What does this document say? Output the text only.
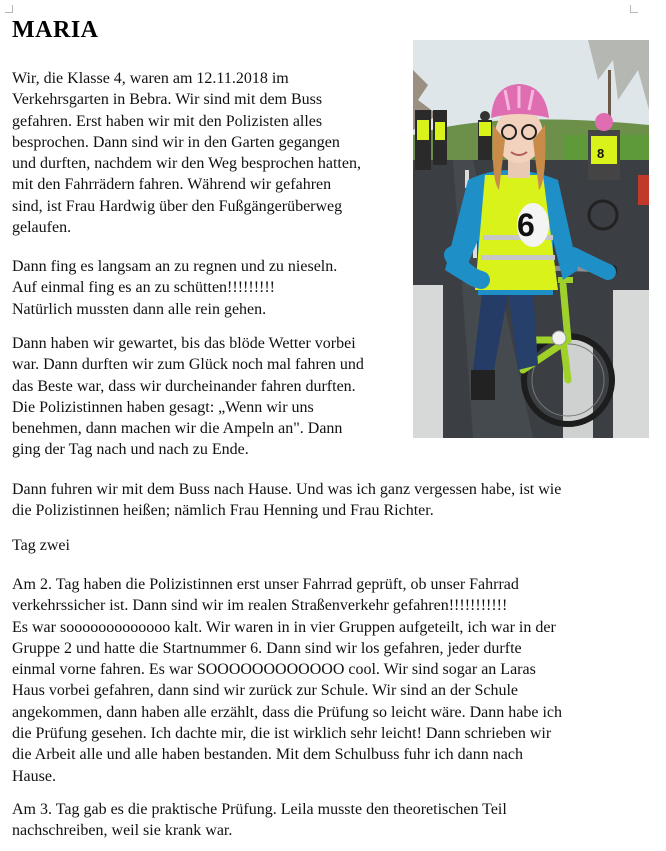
MARIA

Wir, die Klasse 4, waren am 12.11.2018 im
Verkehrsgarten in Bebra. Wir sind mit dem Buss
gefahren. Erst haben wir mit den Polizisten alles
besprochen. Dann sind wir in den Garten gegangen
und durften, nachdem wir den Weg besprochen hatten,
mit den Fahrrädern fahren. Während wir gefahren
sind, ist Frau Hardwig über den Fußgängerüberweg
gelaufen.

Dann fing es langsam an zu regnen und zu nieseln.
Auf einmal fing es an zu schütten!!!!!!!!!
Natürlich mussten dann alle rein gehen.

Dann haben wir gewartet, bis das blöde Wetter vorbei
war. Dann durften wir zum Glück noch mal fahren und
das Beste war, dass wir durcheinander fahren durften.
Die Polizistinnen haben gesagt: „Wenn wir uns
benehmen, dann machen wir die Ampeln an". Dann
ging der Tag nach und nach zu Ende.

Dann fuhren wir mit dem Buss nach Hause. Und was ich ganz vergessen habe, ist wie
die Polizistinnen heißen; nämlich Frau Henning und Frau Richter.

Tag zwei

Am 2. Tag haben die Polizistinnen erst unser Fahrrad geprüft, ob unser Fahrrad
verkehrssicher ist. Dann sind wir im realen Straßenverkehr gefahren!!!!!!!!!!!
Es war sooooooooooooo kalt. Wir waren in in vier Gruppen aufgeteilt, ich war in der
Gruppe 2 und hatte die Startnummer 6. Dann sind wir los gefahren, jeder durfte
einmal vorne fahren. Es war SOOOOOOOOOOOO cool. Wir sind sogar an Laras
Haus vorbei gefahren, dann sind wir zurück zur Schule. Wir sind an der Schule
angekommen, dann haben alle erzählt, dass die Prüfung so leicht wäre. Dann habe ich
die Prüfung gesehen. Ich dachte mir, die ist wirklich sehr leicht! Dann schrieben wir
die Arbeit alle und alle haben bestanden. Mit dem Schulbuss fuhr ich dann nach
Hause.

Am 3. Tag gab es die praktische Prüfung. Leila musste den theoretischen Teil
nachschreiben, weil sie krank war.

8
6
